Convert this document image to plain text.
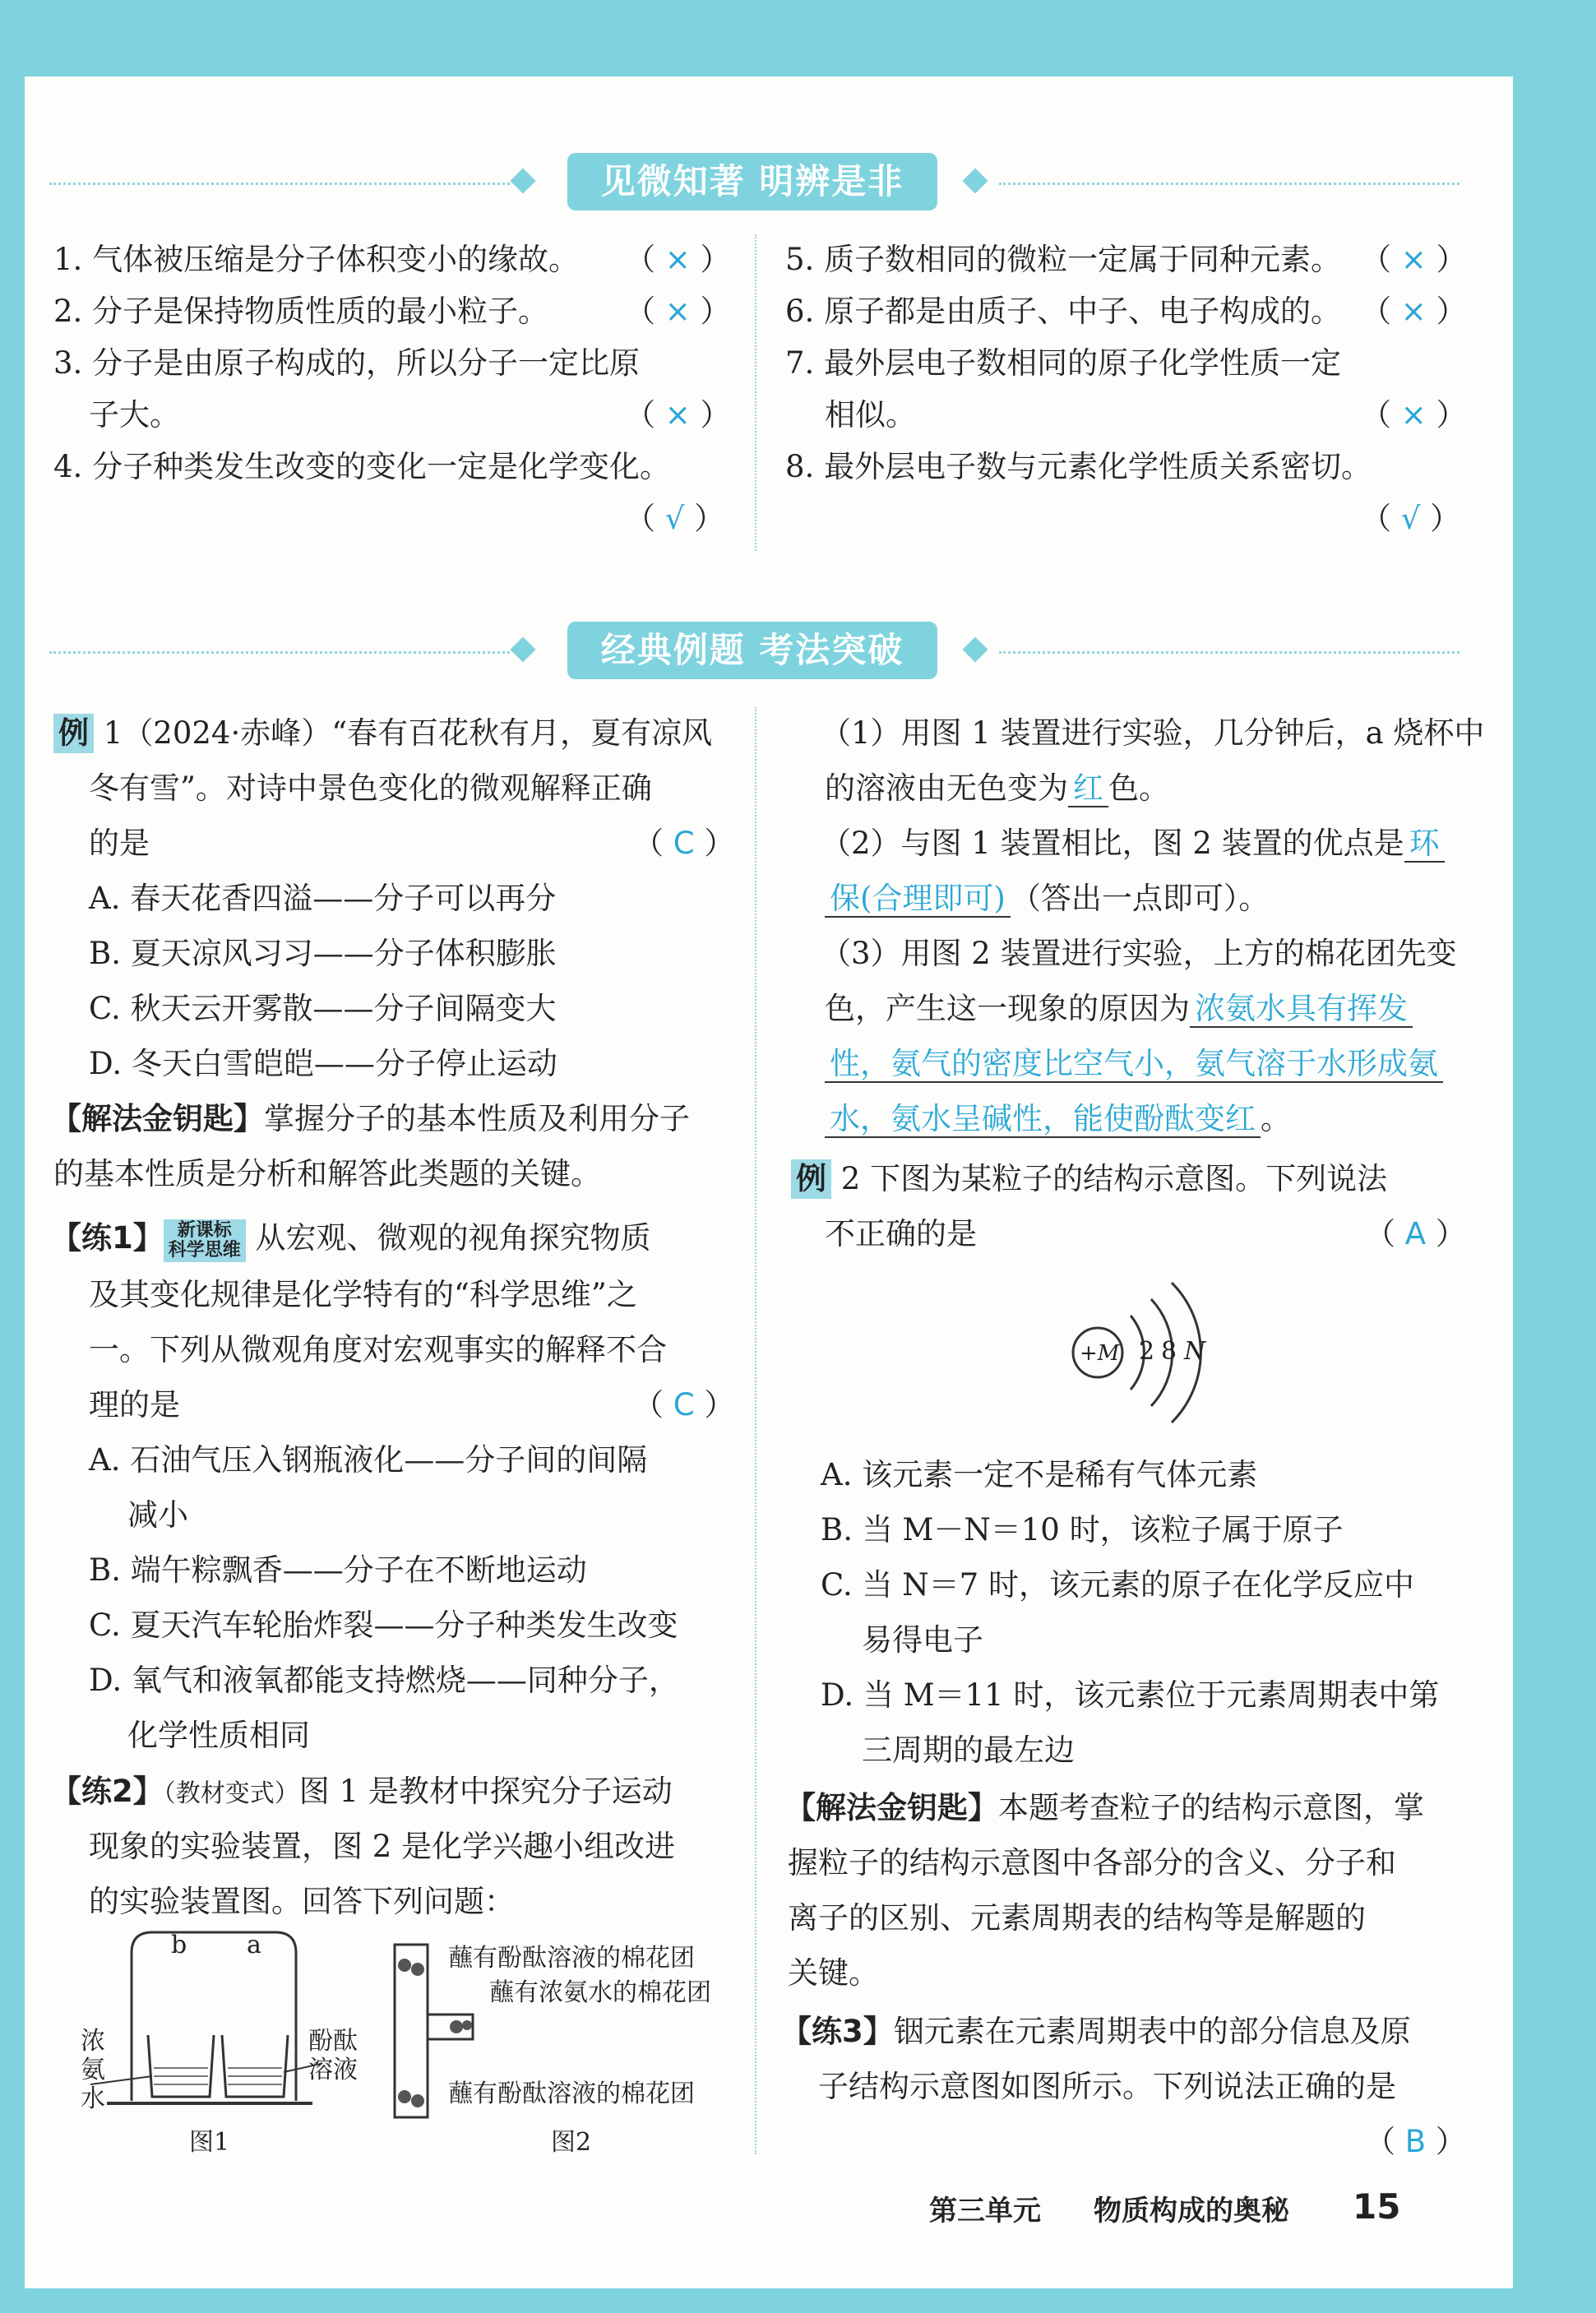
见微知著 明辨是非
1. 气体被压缩是分子体积变小的缘故。 （ × ）
2. 分子是保持物质性质的最小粒子。	（ × ）
3. 分子是由原子构成的，所以分子一定比原
子大。	（ × ）
4. 分子种类发生改变的变化一定是化学变化。
（ √ ）
5. 质子数相同的微粒一定属于同种元素。 （ × ）
6. 原子都是由质子、中子、电子构成的。 （ × ）
7. 最外层电子数相同的原子化学性质一定
相似。	（ × ）
8. 最外层电子数与元素化学性质关系密切。
（ √ ）
经典例题 考法突破
例 1（2024·赤峰）“春有百花秋有月，夏有凉风
冬有雪”。对诗中景色变化的微观解释正确
的是	（ C ）
A. 春天花香四溢——分子可以再分
B. 夏天凉风习习——分子体积膨胀
C. 秋天云开雾散——分子间隔变大
D. 冬天白雪皑皑——分子停止运动
【解法金钥匙】掌握分子的基本性质及利用分子
的基本性质是分析和解答此类题的关键。
【练1】 新课标
科学思维 从宏观、微观的视角探究物质
及其变化规律是化学特有的“科学思维”之
一。下列从微观角度对宏观事实的解释不合
理的是	（ C ）
A. 石油气压入钢瓶液化——分子间的间隔
减小
B. 端午粽飘香——分子在不断地运动
C. 夏天汽车轮胎炸裂——分子种类发生改变
D. 氧气和液氧都能支持燃烧——同种分子，
化学性质相同
【练2】（教材变式）图 1 是教材中探究分子运动
现象的实验装置，图 2 是化学兴趣小组改进
的实验装置图。回答下列问题：
b a
浓
氨
水
酚酞
溶液
图1
蘸有酚酞溶液的棉花团
蘸有浓氨水的棉花团
蘸有酚酞溶液的棉花团
图2
（1）用图 1 装置进行实验，几分钟后，a 烧杯中
的溶液由无色变为 红 色。
（2）与图 1 装置相比，图 2 装置的优点是 环
保(合理即可) （答出一点即可）。
（3）用图 2 装置进行实验，上方的棉花团先变
色，产生这一现象的原因为 浓氨水具有挥发
性，氨气的密度比空气小，氨气溶于水形成氨
水，氨水呈碱性，能使酚酞变红 。
例 2 下图为某粒子的结构示意图。下列说法
不正确的是	（ A ）
+M 2 8 N
A. 该元素一定不是稀有气体元素
B. 当 M－N＝10 时，该粒子属于原子
C. 当 N＝7 时，该元素的原子在化学反应中
易得电子
D. 当 M＝11 时，该元素位于元素周期表中第
三周期的最左边
【解法金钥匙】本题考查粒子的结构示意图，掌
握粒子的结构示意图中各部分的含义、分子和
离子的区别、元素周期表的结构等是解题的
关键。
【练3】铟元素在元素周期表中的部分信息及原
子结构示意图如图所示。下列说法正确的是
（ B ）
第三单元 物质构成的奥秘 15
